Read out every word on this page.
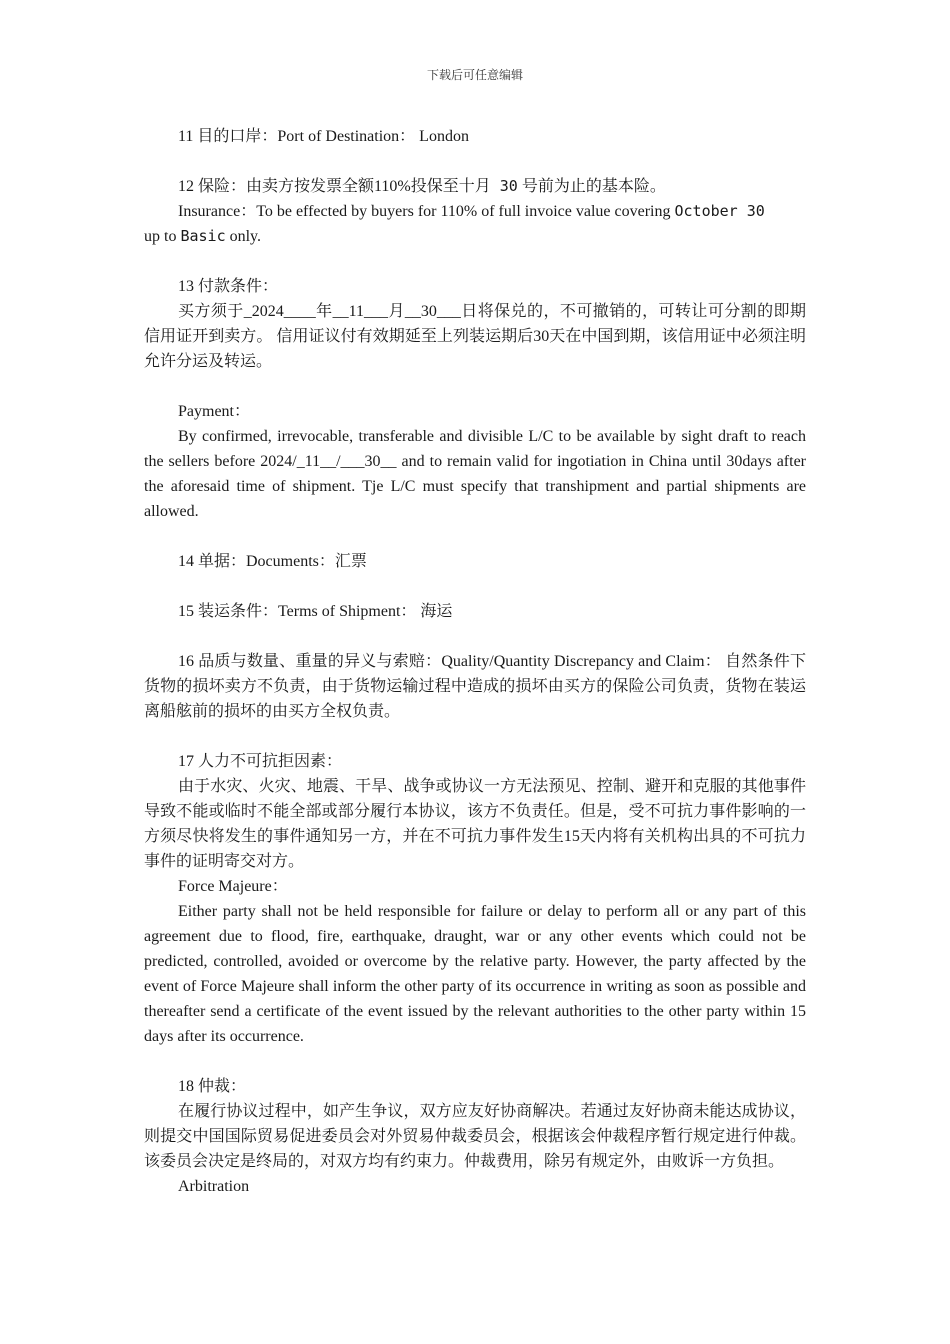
下载后可任意编辑

11 目的口岸：Port of Destination： London

12 保险：由卖方按发票全额110%投保至十月 30 号前为止的基本险。

Insurance：To be effected by buyers for 110% of full invoice value covering October 30
up to Basic only.

13 付款条件：

买方须于_2024____年__11___月__30___日将保兑的，不可撤销的，可转让可分割的即期信用证开到卖方。 信用证议付有效期延至上列装运期后30天在中国到期，该信用证中必须注明允许分运及转运。

Payment：

By confirmed, irrevocable, transferable and divisible L/C to be available by sight draft to reach the sellers before 2024/_11__/___30__ and to remain valid for ingotiation in China until 30days after the aforesaid time of shipment. Tje L/C must specify that transhipment and partial shipments are allowed.

14 单据：Documents：汇票

15 装运条件：Terms of Shipment： 海运

16 品质与数量、重量的异义与索赔：Quality/Quantity Discrepancy and Claim： 自然条件下货物的损坏卖方不负责，由于货物运输过程中造成的损坏由买方的保险公司负责，货物在装运离船舷前的损坏的由买方全权负责。

17 人力不可抗拒因素：

由于水灾、火灾、地震、干旱、战争或协议一方无法预见、控制、避开和克服的其他事件导致不能或临时不能全部或部分履行本协议，该方不负责任。但是，受不可抗力事件影响的一方须尽快将发生的事件通知另一方，并在不可抗力事件发生15天内将有关机构出具的不可抗力事件的证明寄交对方。

Force Majeure：

Either party shall not be held responsible for failure or delay to perform all or any part of this agreement due to flood, fire, earthquake, draught, war or any other events which could not be predicted, controlled, avoided or overcome by the relative party. However, the party affected by the event of Force Majeure shall inform the other party of its occurrence in writing as soon as possible and thereafter send a certificate of the event issued by the relevant authorities to the other party within 15 days after its occurrence.

18 仲裁：

在履行协议过程中，如产生争议，双方应友好协商解决。若通过友好协商未能达成协议，则提交中国国际贸易促进委员会对外贸易仲裁委员会，根据该会仲裁程序暂行规定进行仲裁。该委员会决定是终局的，对双方均有约束力。仲裁费用，除另有规定外，由败诉一方负担。

Arbitration
